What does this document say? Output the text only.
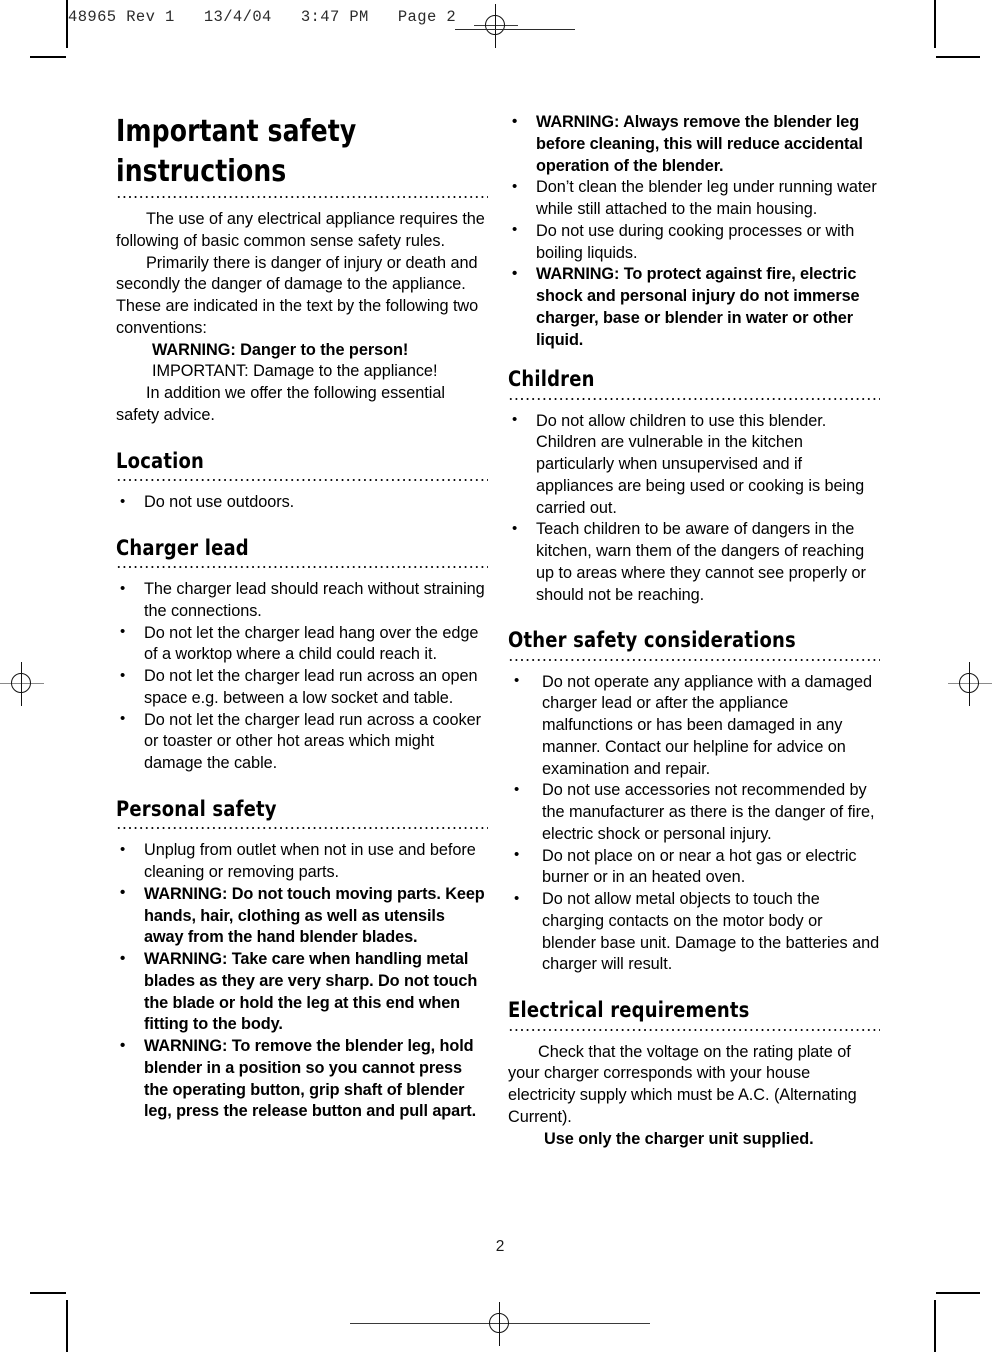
48965 Rev 1   13/4/04   3:47 PM   Page 2
Important safety instructions

The use of any electrical appliance requires the following of basic common sense safety rules.

Primarily there is danger of injury or death and secondly the danger of damage to the appliance. These are indicated in the text by the following two conventions:

WARNING: Danger to the person!

IMPORTANT: Damage to the appliance!

In addition we offer the following essential safety advice.

Location
• Do not use outdoors.
Charger lead
• The charger lead should reach without straining the connections.
• Do not let the charger lead hang over the edge of a worktop where a child could reach it.
• Do not let the charger lead run across an open space e.g. between a low socket and table.
• Do not let the charger lead run across a cooker or toaster or other hot areas which might damage the cable.
Personal safety
• Unplug from outlet when not in use and before cleaning or removing parts.
• WARNING: Do not touch moving parts. Keep hands, hair, clothing as well as utensils away from the hand blender blades.
• WARNING: Take care when handling metal blades as they are very sharp. Do not touch the blade or hold the leg at this end when fitting to the body.
• WARNING: To remove the blender leg, hold blender in a position so you cannot press the operating button, grip shaft of blender leg, press the release button and pull apart.
• WARNING: Always remove the blender leg before cleaning, this will reduce accidental operation of the blender.
• Don’t clean the blender leg under running water while still attached to the main housing.
• Do not use during cooking processes or with boiling liquids.
• WARNING: To protect against fire, electric shock and personal injury do not immerse charger, base or blender in water or other liquid.
Children
• Do not allow children to use this blender. Children are vulnerable in the kitchen particularly when unsupervised and if appliances are being used or cooking is being carried out.
• Teach children to be aware of dangers in the kitchen, warn them of the dangers of reaching up to areas where they cannot see properly or should not be reaching.
Other safety considerations
• Do not operate any appliance with a damaged charger lead or after the appliance malfunctions or has been damaged in any manner. Contact our helpline for advice on examination and repair.
• Do not use accessories not recommended by the manufacturer as there is the danger of fire, electric shock or personal injury.
• Do not place on or near a hot gas or electric burner or in an heated oven.
• Do not allow metal objects to touch the charging contacts on the motor body or blender base unit. Damage to the batteries and charger will result.
Electrical requirements

Check that the voltage on the rating plate of your charger corresponds with your house electricity supply which must be A.C. (Alternating Current).

Use only the charger unit supplied.

2
